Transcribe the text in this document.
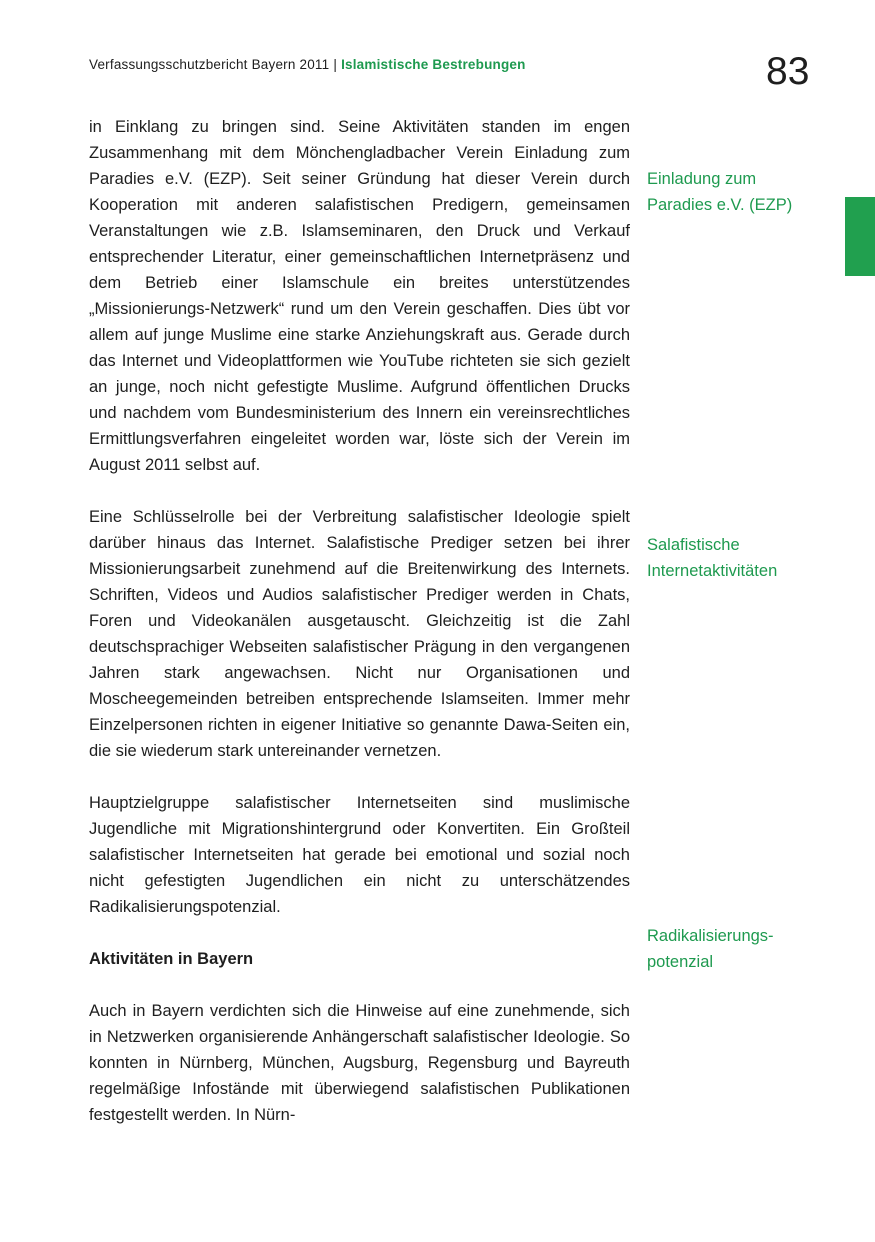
Verfassungsschutzbericht Bayern 2011 | Islamistische Bestrebungen	83

in Einklang zu bringen sind. Seine Aktivitäten standen im engen Zusammenhang mit dem Mönchengladbacher Verein Einladung zum Paradies e.V. (EZP). Seit seiner Gründung hat dieser Verein durch Kooperation mit anderen salafistischen Predigern, gemeinsamen Veranstaltungen wie z.B. Islamseminaren, den Druck und Verkauf entsprechender Literatur, einer gemeinschaftlichen Internetpräsenz und dem Betrieb einer Islamschule ein breites unterstützendes „Missionierungs-Netzwerk“ rund um den Verein geschaffen. Dies übt vor allem auf junge Muslime eine starke Anziehungskraft aus. Gerade durch das Internet und Videoplattformen wie YouTube richteten sie sich gezielt an junge, noch nicht gefestigte Muslime. Aufgrund öffentlichen Drucks und nachdem vom Bundesministerium des Innern ein vereinsrechtliches Ermittlungsverfahren eingeleitet worden war, löste sich der Verein im August 2011 selbst auf.

Eine Schlüsselrolle bei der Verbreitung salafistischer Ideologie spielt darüber hinaus das Internet. Salafistische Prediger setzen bei ihrer Missionierungsarbeit zunehmend auf die Breitenwirkung des Internets. Schriften, Videos und Audios salafistischer Prediger werden in Chats, Foren und Videokanälen ausgetauscht. Gleichzeitig ist die Zahl deutschsprachiger Webseiten salafistischer Prägung in den vergangenen Jahren stark angewachsen. Nicht nur Organisationen und Moscheegemeinden betreiben entsprechende Islamseiten. Immer mehr Einzelpersonen richten in eigener Initiative so genannte Dawa-Seiten ein, die sie wiederum stark untereinander vernetzen.

Hauptzielgruppe salafistischer Internetseiten sind muslimische Jugendliche mit Migrationshintergrund oder Konvertiten. Ein Großteil salafistischer Internetseiten hat gerade bei emotional und sozial noch nicht gefestigten Jugendlichen ein nicht zu unterschätzendes Radikalisierungspotenzial.

Aktivitäten in Bayern

Auch in Bayern verdichten sich die Hinweise auf eine zunehmende, sich in Netzwerken organisierende Anhängerschaft salafistischer Ideologie. So konnten in Nürnberg, München, Augsburg, Regensburg und Bayreuth regelmäßige Infostände mit überwiegend salafistischen Publikationen festgestellt werden. In Nürn-

Einladung zum
Paradies e.V. (EZP)
Salafistische
Internetaktivitäten
Radikalisierungs-
potenzial
